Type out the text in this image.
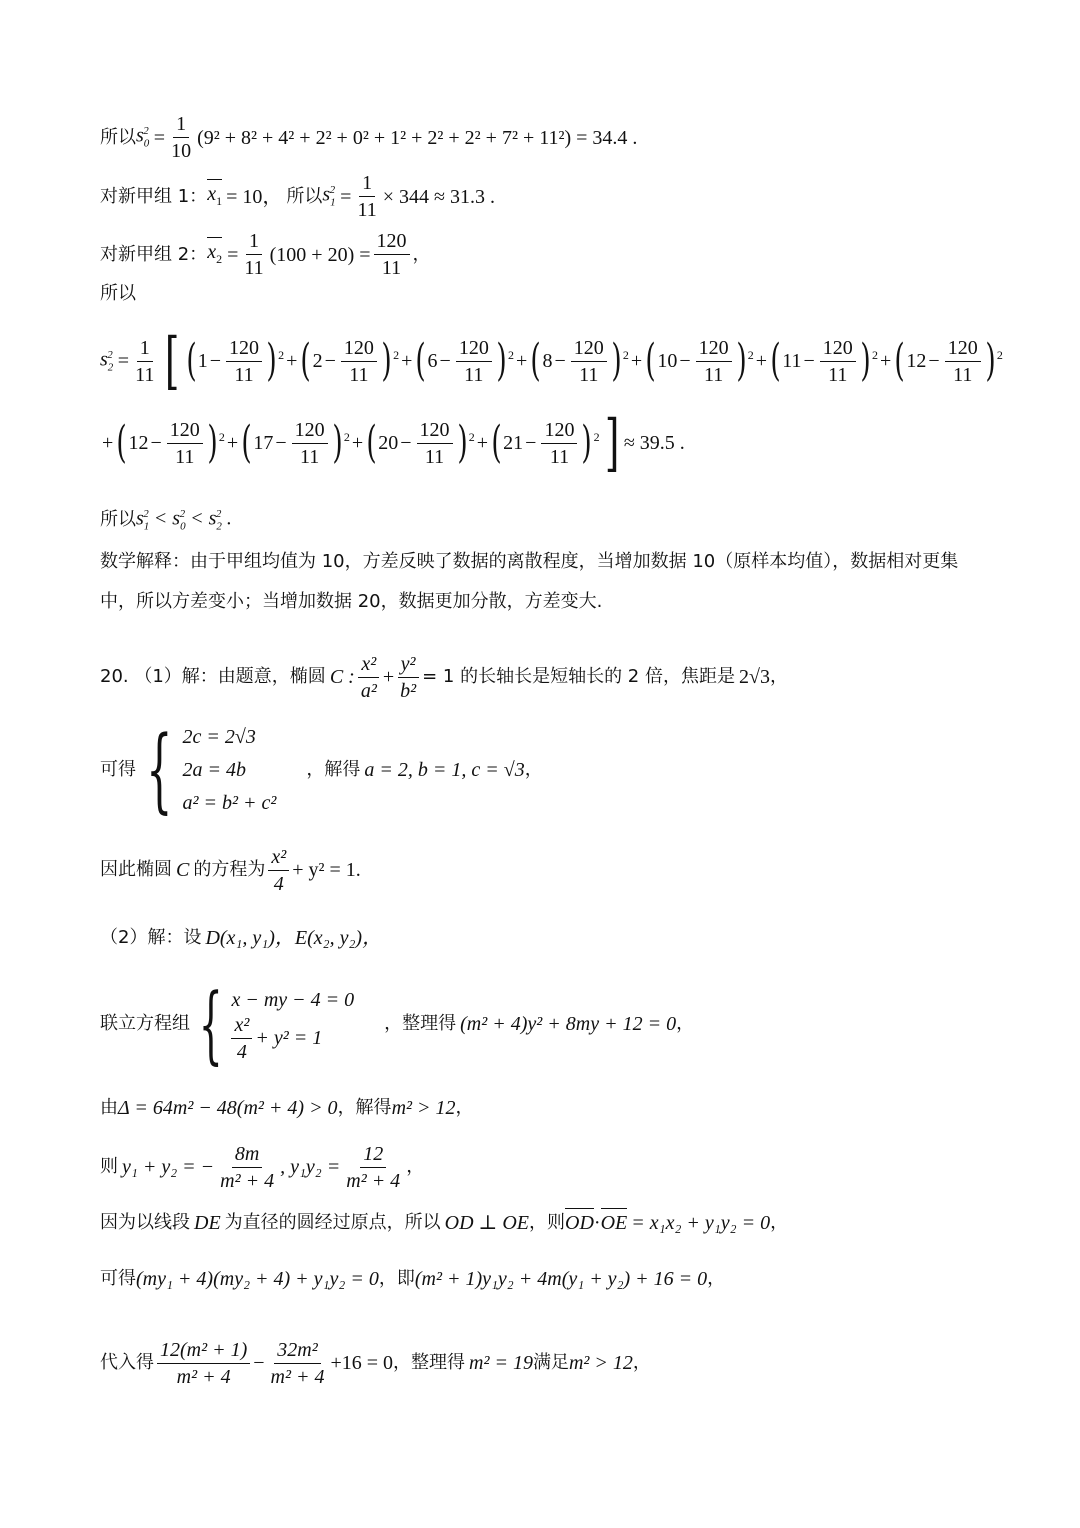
所以 $s_0^2 = \frac{1}{10} (9^2 + 8^2 + 4^2 + 2^2 + 0^2 + 1^2 + 2^2 + 2^2 + 7^2 + 11^2) = 34.4$ .
对新甲组 1： $x_1 = 10$， 所以 $s_1^2 = \frac{1}{11} \times 344 \approx 31.3$ .
对新甲组 2： $x_2 = \frac{1}{11} (100 + 20) = \frac{120}{11}$ ，
所以
$s_2^2 = \frac{1}{11}$ [ ( $1 - \frac{120}{11} )^2$ + ( $2 - \frac{120}{11} )^2$ + ( $6 - \frac{120}{11} )^2$ + ( $8 - \frac{120}{11} )^2$ + ( $10 - \frac{120}{11} )^2$ + ( $11 - \frac{120}{11} )^2$ + ( $12 - \frac{120}{11} )^2$
+ ( $12 - \frac{120}{11} )^2$ + ( $17 - \frac{120}{11} )^2$ + ( $20 - \frac{120}{11} )^2$ + ( $21 - \frac{120}{11} )^2$ ] ≈ 39.5 .
所以 $s_1^2 < s_0^2 < s_2^2$ .
数学解释：由于甲组均值为 10，方差反映了数据的离散程度，当增加数据 10（原样本均值），数据相对更集中，所以方差变小；当增加数据 20，数据更加分散，方差变大.
20. （1）解：由题意，椭圆 C : $\frac{\text{x²}}{\text{a²}} + \frac{\text{y²}}{\text{b²}} = 1$ 的长轴长是短轴长的 2 倍，焦距是 2√3 ，
可得 { 2c = 2√3
2a = 4b
a² = b² + c²
，解得 a = 2, b = 1, c = √3 ，
因此椭圆 C 的方程为 $\frac{\text{x²}}{4} + y^2 = 1$.
（2）解：设 D(x₁, y₁)，E(x₂, y₂)，
联立方程组 { x − my − 4 = 0
$\frac{\text{x²}}{4} + y^2 = 1$
，整理得 (m² + 4)y² + 8my + 12 = 0 ，
由 Δ = 64m² − 48(m² + 4) > 0 ，解得 m² > 12 ，
则 y₁ + y₂ = − $\frac{8m}{\text{m² + 4}}$ , $y_1y_2 = \frac{12}{\text{m² + 4}}$ ，
因为以线段 DE 为直径的圆经过原点，所以 OD ⊥ OE ，则 OD · OE = x₁x₂ + y₁y₂ = 0 ，
可得 (my₁ + 4)(my₂ + 4) + y₁y₂ = 0 ，即 (m² + 1)y₁y₂ + 4m(y₁ + y₂) + 16 = 0 ，
代入得 $\frac{\text{12(m² + 1)}}{\text{m² + 4}} - \frac{\text{32m²}}{\text{m² + 4}} +16 = 0$ ，整理得 m² = 19 满足 m² > 12 ，
